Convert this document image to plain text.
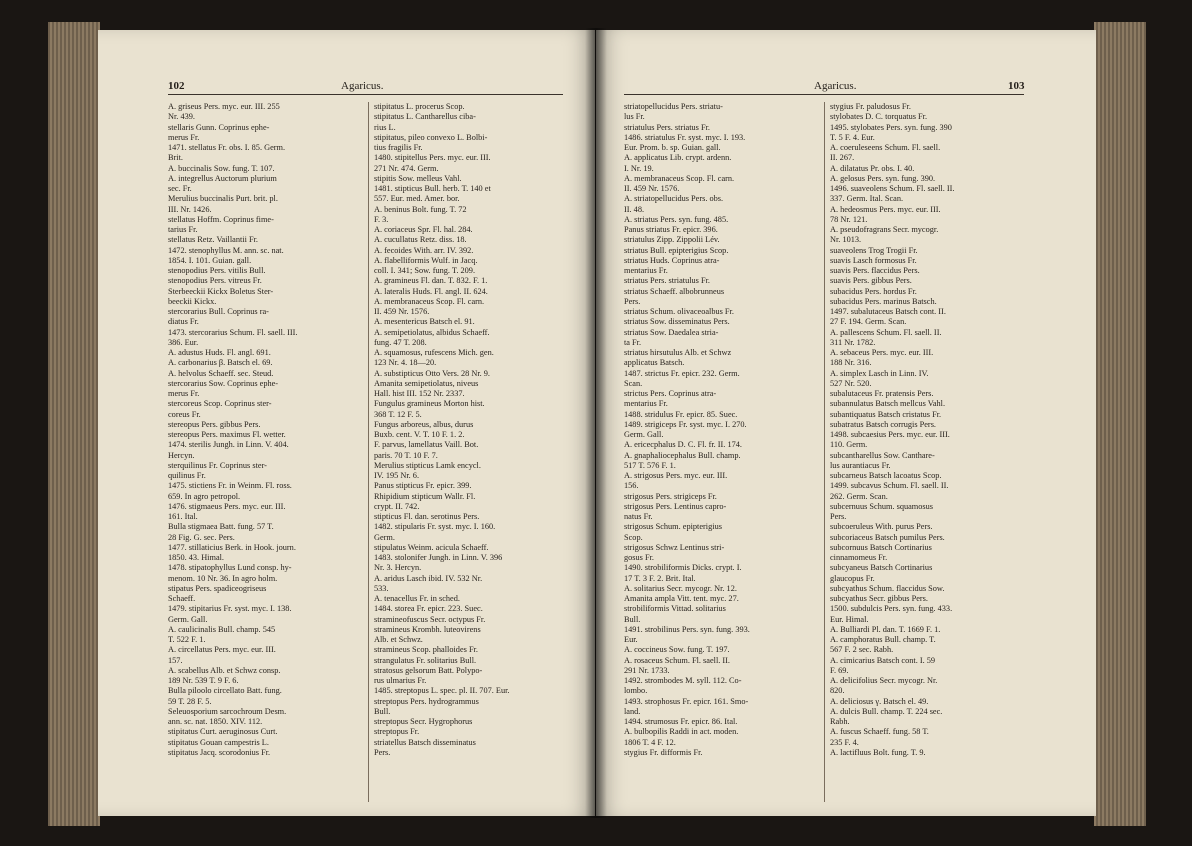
102	Agaricus.

A. griseus Pers. myc. eur. III. 255

Nr. 439.

stellaris Gunn. Coprinus ephe-

merus Fr.

1471. stellatus Fr. obs. I. 85. Germ.

Brit.

A. buccinalis Sow. fung. T. 107.

A. integrellus Auctorum plurium

sec. Fr.

Merulius buccinalis Purt. brit. pl.

III. Nr. 1426.

stellatus Hoffm. Coprinus fime-

tarius Fr.

stellatus Retz. Vaillantii Fr.

1472. stenophyllus M. ann. sc. nat.

1854. I. 101. Guian. gall.

stenopodius Pers. vitilis Bull.

stenopodius Pers. vitreus Fr.

Sterbeeckii Kickx Boletus Ster-

beeckii Kickx.

stercorarius Bull. Coprinus ra-

diatus Fr.

1473. stercorarius Schum. Fl. saell. III.

386. Eur.

A. adustus Huds. Fl. angl. 691.

A. carbonarius β. Batsch el. 69.

A. helvolus Schaeff. sec. Steud.

stercorarius Sow. Coprinus ephe-

merus Fr.

stercoreus Scop. Coprinus ster-

coreus Fr.

stereopus Pers. gibbus Pers.

stereopus Pers. maximus Fl. wetter.

1474. sterilis Jungh. in Linn. V. 404.

Hercyn.

sterquilinus Fr. Coprinus ster-

quilinus Fr.

1475. stictiens Fr. in Weinm. Fl. ross.

659. In agro petropol.

1476. stigmaeus Pers. myc. eur. III.

161. Ital.

Bulla stigmaea Batt. fung. 57 T.

28 Fig. G. sec. Pers.

1477. stillaticius Berk. in Hook. journ.

1850. 43. Himal.

1478. stipatophyllus Lund consp. hy-

menom. 10 Nr. 36. In agro holm.

stipatus Pers. spadiceogriseus

Schaeff.

1479. stipitarius Fr. syst. myc. I. 138.

Germ. Gall.

A. caulicinalis Bull. champ. 545

T. 522 F. 1.

A. circellatus Pers. myc. eur. III.

157.

A. scabellus Alb. et Schwz consp.

189 Nr. 539 T. 9 F. 6.

Bulla piloolo circellato Batt. fung.

59 T. 28 F. 5.

Seleuosporium sarcochroum Desm.

ann. sc. nat. 1850. XIV. 112.

stipitatus Curt. aeruginosus Curt.

stipitatus Gouan campestris L.

stipitatus Jacq. scorodonius Fr.

stipitatus L. procerus Scop.

stipitatus L. Cantharellus ciba-

rius L.

stipitatus, pileo convexo L. Bolbi-

tius fragilis Fr.

1480. stipitellus Pers. myc. eur. III.

271 Nr. 474. Germ.

stipitis Sow. melleus Vahl.

1481. stipticus Bull. herb. T. 140 et

557. Eur. med. Amer. bor.

A. beninus Bolt. fung. T. 72

F. 3.

A. coriaceus Spr. Fl. hal. 284.

A. cucullatus Retz. diss. 18.

A. fecoides With. arr. IV. 392.

A. flabelliformis Wulf. in Jacq.

coll. I. 341; Sow. fung. T. 209.

A. gramineus Fl. dan. T. 832. F. 1.

A. lateralis Huds. Fl. angl. II. 624.

A. membranaceus Scop. Fl. carn.

II. 459 Nr. 1576.

A. mesentericus Batsch el. 91.

A. semipetiolatus, albidus Schaeff.

fung. 47 T. 208.

A. squamosus, rufescens Mich. gen.

123 Nr. 4. 18—20.

A. substipticus Otto Vers. 28 Nr. 9.

Amanita semipetiolatus, niveus

Hall. hist III. 152 Nr. 2337.

Fungulus gramineus Morton hist.

368 T. 12 F. 5.

Fungus arboreus, albus, durus

Buxb. cent. V. T. 10 F. 1. 2.

F. parvus, lamellatus Vaill. Bot.

paris. 70 T. 10 F. 7.

Merulius stipticus Lamk encycl.

IV. 195 Nr. 6.

Panus stipticus Fr. epicr. 399.

Rhipidium stipticum Wallr. Fl.

crypt. II. 742.

stipticus Fl. dan. serotinus Pers.

1482. stipularis Fr. syst. myc. I. 160.

Germ.

stipulatus Weinm. acicula Schaeff.

1483. stolonifer Jungh. in Linn. V. 396

Nr. 3. Hercyn.

A. aridus Lasch ibid. IV. 532 Nr.

533.

A. tenacellus Fr. in sched.

1484. storea Fr. epicr. 223. Suec.

stramineofuscus Secr. octypus Fr.

stramineus Krombh. luteovirens

Alb. et Schwz.

stramineus Scop. phalloides Fr.

strangulatus Fr. solitarius Bull.

stratosus gelsorum Batt. Polypo-

rus ulmarius Fr.

1485. streptopus L. spec. pl. II. 707. Eur.

streptopus Pers. hydrogrammus

Bull.

streptopus Secr. Hygrophorus

streptopus Fr.

striatellus Batsch disseminatus

Pers.

Agaricus.	103

striatopellucidus Pers. striatu-

lus Fr.

striatulus Pers. striatus Fr.

1486. striatulus Fr. syst. myc. I. 193.

Eur. Prom. b. sp. Guian. gall.

A. applicatus Lib. crypt. ardenn.

I. Nr. 19.

A. membranaceus Scop. Fl. carn.

II. 459 Nr. 1576.

A. striatopellucidus Pers. obs.

II. 48.

A. striatus Pers. syn. fung. 485.

Panus striatus Fr. epicr. 396.

striatulus Zipp. Zippolii Lév.

striatus Bull. epipterigius Scop.

striatus Huds. Coprinus atra-

mentarius Fr.

striatus Pers. striatulus Fr.

striatus Schaeff. albobrunneus

Pers.

striatus Schum. olivaceoalbus Fr.

striatus Sow. disseminatus Pers.

striatus Sow. Daedalea stria-

ta Fr.

striatus hirsutulus Alb. et Schwz

applicatus Batsch.

1487. strictus Fr. epicr. 232. Germ.

Scan.

strictus Pers. Coprinus atra-

mentarius Fr.

1488. stridulus Fr. epicr. 85. Suec.

1489. strigiceps Fr. syst. myc. I. 270.

Germ. Gall.

A. ericecphalus D. C. Fl. fr. II. 174.

A. gnaphaliocephalus Bull. champ.

517 T. 576 F. 1.

A. strigosus Pers. myc. eur. III.

156.

strigosus Pers. strigiceps Fr.

strigosus Pers. Lentinus capro-

natus Fr.

strigosus Schum. epipterigius

Scop.

strigosus Schwz Lentinus stri-

gosus Fr.

1490. strobiliformis Dicks. crypt. I.

17 T. 3 F. 2. Brit. Ital.

A. solitarius Secr. mycogr. Nr. 12.

Amanita ampla Vitt. tent. myc. 27.

strobiliformis Vittad. solitarius

Bull.

1491. strobilinus Pers. syn. fung. 393.

Eur.

A. coccineus Sow. fung. T. 197.

A. rosaceus Schum. Fl. saell. II.

291 Nr. 1733.

1492. strombodes M. syll. 112. Co-

lombo.

1493. strophosus Fr. epicr. 161. Smo-

land.

1494. strumosus Fr. epicr. 86. Ital.

A. bulbopilis Raddi in act. moden.

1806 T. 4 F. 12.

stygius Fr. difformis Fr.

stygius Fr. paludosus Fr.

stylobates D. C. torquatus Fr.

1495. stylobates Pers. syn. fung. 390

T. 5 F. 4. Eur.

A. coeruleseens Schum. Fl. saell.

II. 267.

A. dilatatus Pr. obs. I. 40.

A. gelosus Pers. syn. fung. 390.

1496. suaveolens Schum. Fl. saell. II.

337. Germ. Ital. Scan.

A. hedeosmus Pers. myc. eur. III.

78 Nr. 121.

A. pseudofragrans Secr. mycogr.

Nr. 1013.

suaveolens Trog Trogii Fr.

suavis Lasch formosus Fr.

suavis Pers. flaccidus Pers.

suavis Pers. gibbus Pers.

subacidus Pers. hordus Fr.

subacidus Pers. marinus Batsch.

1497. subalutaceus Batsch cont. II.

27 F. 194. Germ. Scan.

A. pallescens Schum. Fl. saell. II.

311 Nr. 1782.

A. sebaceus Pers. myc. eur. III.

188 Nr. 316.

A. simplex Lasch in Linn. IV.

527 Nr. 520.

subalutaceus Fr. pratensis Pers.

subannulatus Batsch mellcus Vahl.

subantiquatus Batsch cristatus Fr.

subatratus Batsch corrugis Pers.

1498. subcaesius Pers. myc. eur. III.

110. Germ.

subcantharellus Sow. Canthare-

lus aurantiacus Fr.

subcarneus Batsch lacoatus Scop.

1499. subcavus Schum. Fl. saell. II.

262. Germ. Scan.

subcernuus Schum. squamosus

Pers.

subcoeruleus With. purus Pers.

subcoriaceus Batsch pumilus Pers.

subcornuus Batsch Cortinarius

cinnamomeus Fr.

subcyaneus Batsch Cortinarius

glaucopus Fr.

subcyathus Schum. flaccidus Sow.

subcyathus Secr. gibbus Pers.

1500. subdulcis Pers. syn. fung. 433.

Eur. Himal.

A. Bulliardi Pl. dan. T. 1669 F. 1.

A. camphoratus Bull. champ. T.

567 F. 2 sec. Rabh.

A. cimicarius Batsch cont. I. 59

F. 69.

A. delicifolius Secr. mycogr. Nr.

820.

A. deliciosus γ. Batsch el. 49.

A. dulcis Bull. champ. T. 224 sec.

Rabh.

A. fuscus Schaeff. fung. 58 T.

235 F. 4.

A. lactifluus Bolt. fung. T. 9.
